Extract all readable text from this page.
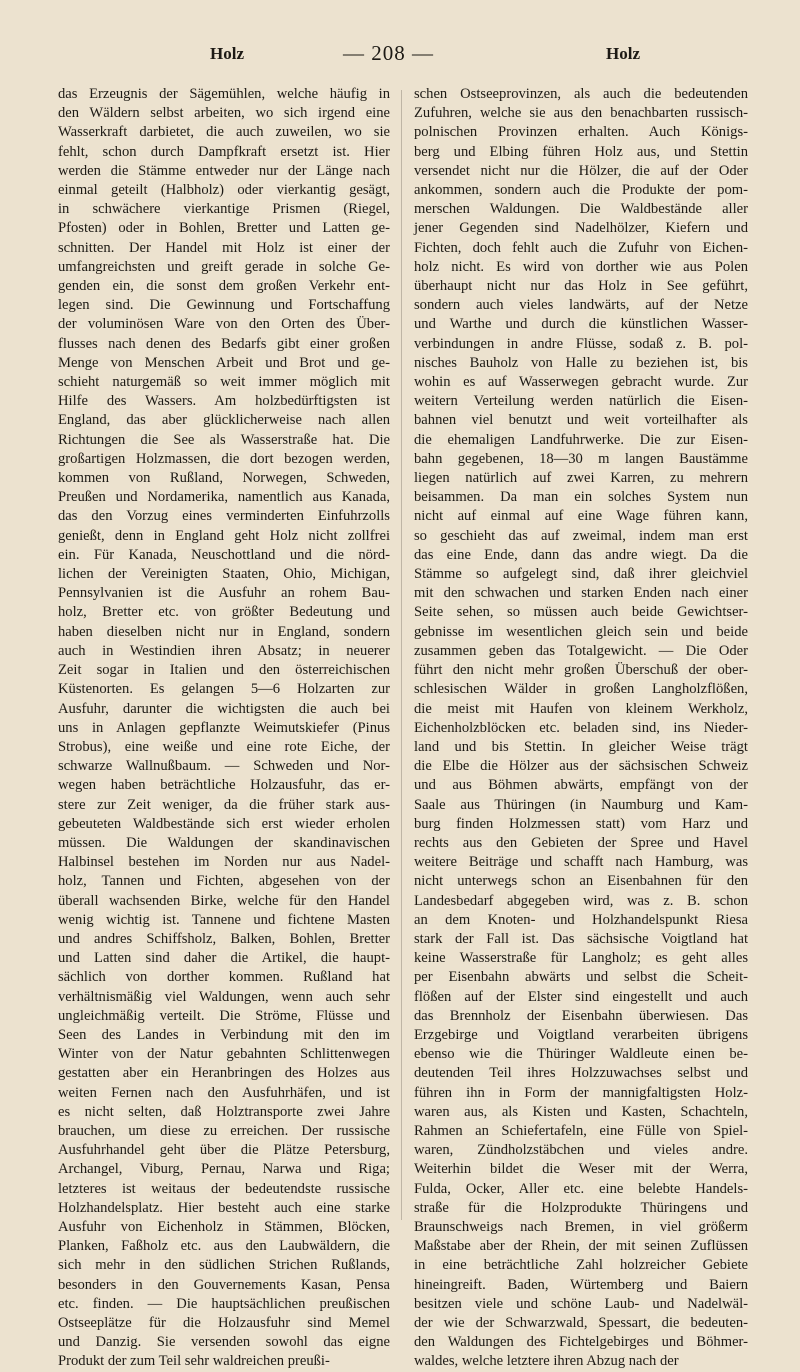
Holz	— 208 —	Holz

das Erzeugnis der Sägemühlen, welche häufig in

den Wäldern selbst arbeiten, wo sich irgend eine

Wasserkraft darbietet, die auch zuweilen, wo sie

fehlt, schon durch Dampfkraft ersetzt ist. Hier

werden die Stämme entweder nur der Länge nach

einmal geteilt (Halbholz) oder vierkantig gesägt,

in schwächere vierkantige Prismen (Riegel,

Pfosten) oder in Bohlen, Bretter und Latten ge-

schnitten. Der Handel mit Holz ist einer der

umfangreichsten und greift gerade in solche Ge-

genden ein, die sonst dem großen Verkehr ent-

legen sind. Die Gewinnung und Fortschaffung

der voluminösen Ware von den Orten des Über-

flusses nach denen des Bedarfs gibt einer großen

Menge von Menschen Arbeit und Brot und ge-

schieht naturgemäß so weit immer möglich mit

Hilfe des Wassers. Am holzbedürftigsten ist

England, das aber glücklicherweise nach allen

Richtungen die See als Wasserstraße hat. Die

großartigen Holzmassen, die dort bezogen werden,

kommen von Rußland, Norwegen, Schweden,

Preußen und Nordamerika, namentlich aus Kanada,

das den Vorzug eines verminderten Einfuhrzolls

genießt, denn in England geht Holz nicht zollfrei

ein. Für Kanada, Neuschottland und die nörd-

lichen der Vereinigten Staaten, Ohio, Michigan,

Pennsylvanien ist die Ausfuhr an rohem Bau-

holz, Bretter etc. von größter Bedeutung und

haben dieselben nicht nur in England, sondern

auch in Westindien ihren Absatz; in neuerer

Zeit sogar in Italien und den österreichischen

Küstenorten. Es gelangen 5—6 Holzarten zur

Ausfuhr, darunter die wichtigsten die auch bei

uns in Anlagen gepflanzte Weimutskiefer (Pinus

Strobus), eine weiße und eine rote Eiche, der

schwarze Wallnußbaum. — Schweden und Nor-

wegen haben beträchtliche Holzausfuhr, das er-

stere zur Zeit weniger, da die früher stark aus-

gebeuteten Waldbestände sich erst wieder erholen

müssen. Die Waldungen der skandinavischen

Halbinsel bestehen im Norden nur aus Nadel-

holz, Tannen und Fichten, abgesehen von der

überall wachsenden Birke, welche für den Handel

wenig wichtig ist. Tannene und fichtene Masten

und andres Schiffsholz, Balken, Bohlen, Bretter

und Latten sind daher die Artikel, die haupt-

sächlich von dorther kommen. Rußland hat

verhältnismäßig viel Waldungen, wenn auch sehr

ungleichmäßig verteilt. Die Ströme, Flüsse und

Seen des Landes in Verbindung mit den im

Winter von der Natur gebahnten Schlittenwegen

gestatten aber ein Heranbringen des Holzes aus

weiten Fernen nach den Ausfuhrhäfen, und ist

es nicht selten, daß Holztransporte zwei Jahre

brauchen, um diese zu erreichen. Der russische

Ausfuhrhandel geht über die Plätze Petersburg,

Archangel, Viburg, Pernau, Narwa und Riga;

letzteres ist weitaus der bedeutendste russische

Holzhandelsplatz. Hier besteht auch eine starke

Ausfuhr von Eichenholz in Stämmen, Blöcken,

Planken, Faßholz etc. aus den Laubwäldern, die

sich mehr in den südlichen Strichen Rußlands,

besonders in den Gouvernements Kasan, Pensa

etc. finden. — Die hauptsächlichen preußischen

Ostseeplätze für die Holzausfuhr sind Memel

und Danzig. Sie versenden sowohl das eigne

Produkt der zum Teil sehr waldreichen preußi-

schen Ostseeprovinzen, als auch die bedeutenden

Zufuhren, welche sie aus den benachbarten russisch-

polnischen Provinzen erhalten. Auch Königs-

berg und Elbing führen Holz aus, und Stettin

versendet nicht nur die Hölzer, die auf der Oder

ankommen, sondern auch die Produkte der pom-

merschen Waldungen. Die Waldbestände aller

jener Gegenden sind Nadelhölzer, Kiefern und

Fichten, doch fehlt auch die Zufuhr von Eichen-

holz nicht. Es wird von dorther wie aus Polen

überhaupt nicht nur das Holz in See geführt,

sondern auch vieles landwärts, auf der Netze

und Warthe und durch die künstlichen Wasser-

verbindungen in andre Flüsse, sodaß z. B. pol-

nisches Bauholz von Halle zu beziehen ist, bis

wohin es auf Wasserwegen gebracht wurde. Zur

weitern Verteilung werden natürlich die Eisen-

bahnen viel benutzt und weit vorteilhafter als

die ehemaligen Landfuhrwerke. Die zur Eisen-

bahn gegebenen, 18—30 m langen Baustämme

liegen natürlich auf zwei Karren, zu mehrern

beisammen. Da man ein solches System nun

nicht auf einmal auf eine Wage führen kann,

so geschieht das auf zweimal, indem man erst

das eine Ende, dann das andre wiegt. Da die

Stämme so aufgelegt sind, daß ihrer gleichviel

mit den schwachen und starken Enden nach einer

Seite sehen, so müssen auch beide Gewichtser-

gebnisse im wesentlichen gleich sein und beide

zusammen geben das Totalgewicht. — Die Oder

führt den nicht mehr großen Überschuß der ober-

schlesischen Wälder in großen Langholzflößen,

die meist mit Haufen von kleinem Werkholz,

Eichenholzblöcken etc. beladen sind, ins Nieder-

land und bis Stettin. In gleicher Weise trägt

die Elbe die Hölzer aus der sächsischen Schweiz

und aus Böhmen abwärts, empfängt von der

Saale aus Thüringen (in Naumburg und Kam-

burg finden Holzmessen statt) vom Harz und

rechts aus den Gebieten der Spree und Havel

weitere Beiträge und schafft nach Hamburg, was

nicht unterwegs schon an Eisenbahnen für den

Landesbedarf abgegeben wird, was z. B. schon

an dem Knoten- und Holzhandelspunkt Riesa

stark der Fall ist. Das sächsische Voigtland hat

keine Wasserstraße für Langholz; es geht alles

per Eisenbahn abwärts und selbst die Scheit-

flößen auf der Elster sind eingestellt und auch

das Brennholz der Eisenbahn überwiesen. Das

Erzgebirge und Voigtland verarbeiten übrigens

ebenso wie die Thüringer Waldleute einen be-

deutenden Teil ihres Holzzuwachses selbst und

führen ihn in Form der mannigfaltigsten Holz-

waren aus, als Kisten und Kasten, Schachteln,

Rahmen an Schiefertafeln, eine Fülle von Spiel-

waren, Zündholzstäbchen und vieles andre.

Weiterhin bildet die Weser mit der Werra,

Fulda, Ocker, Aller etc. eine belebte Handels-

straße für die Holzprodukte Thüringens und

Braunschweigs nach Bremen, in viel größerm

Maßstabe aber der Rhein, der mit seinen Zuflüssen

in eine beträchtliche Zahl holzreicher Gebiete

hineingreift. Baden, Würtemberg und Baiern

besitzen viele und schöne Laub- und Nadelwäl-

der wie der Schwarzwald, Spessart, die bedeuten-

den Waldungen des Fichtelgebirges und Böhmer-

waldes, welche letztere ihren Abzug nach der
